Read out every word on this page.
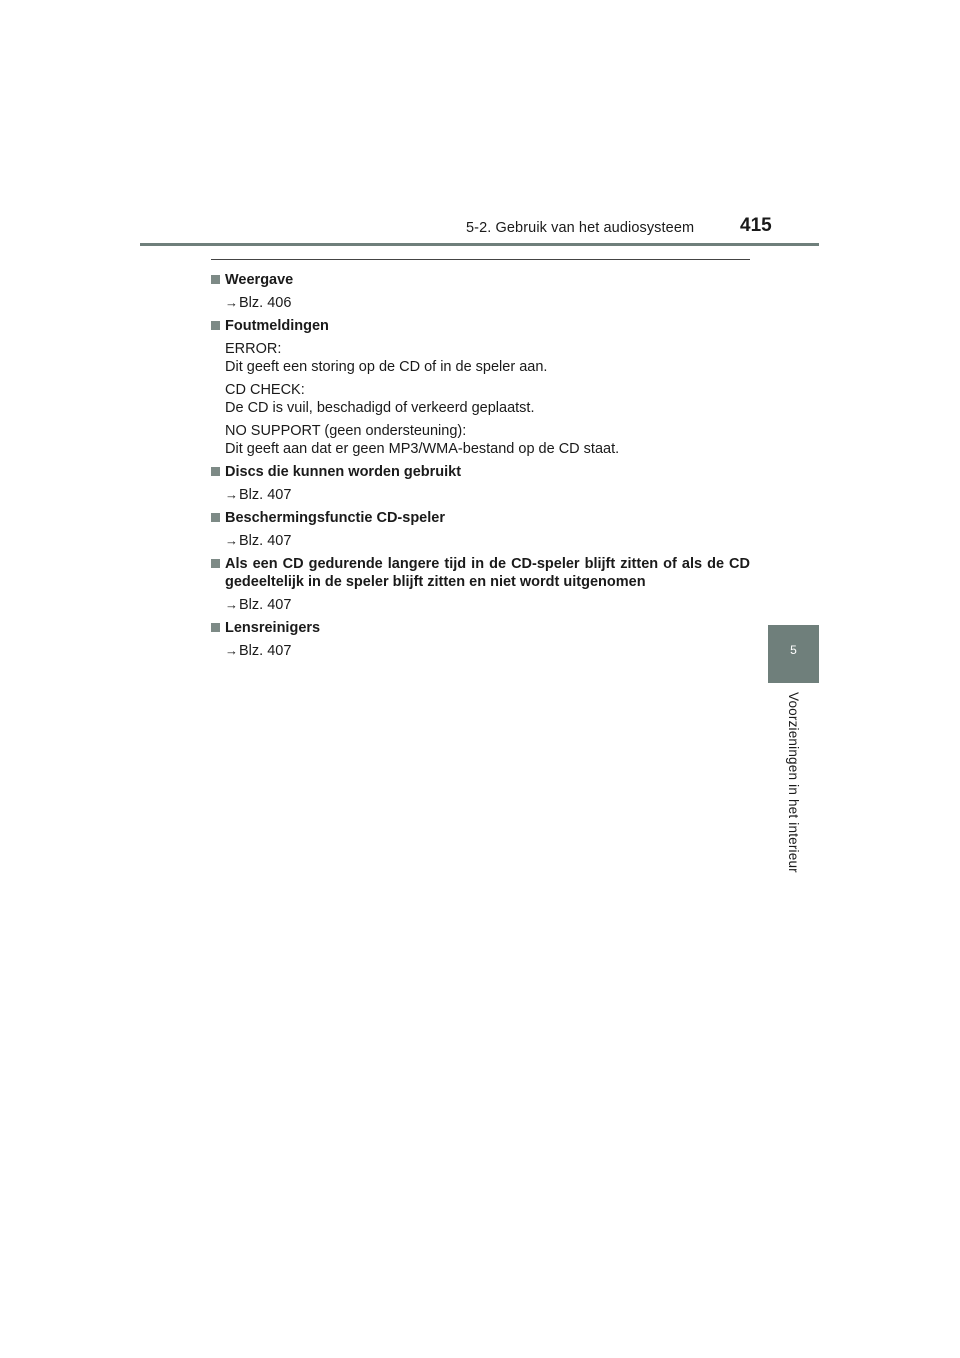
5-2. Gebruik van het audiosysteem 415
5
Voorzieningen in het interieur
Weergave
→Blz. 406
Foutmeldingen
ERROR:
Dit geeft een storing op de CD of in de speler aan.
CD CHECK:
De CD is vuil, beschadigd of verkeerd geplaatst.
NO SUPPORT (geen ondersteuning):
Dit geeft aan dat er geen MP3/WMA-bestand op de CD staat.
Discs die kunnen worden gebruikt
→Blz. 407
Beschermingsfunctie CD-speler
→Blz. 407
Als een CD gedurende langere tijd in de CD-speler blijft zitten of als de CD gedeeltelijk in de speler blijft zitten en niet wordt uitgenomen
→Blz. 407
Lensreinigers
→Blz. 407
